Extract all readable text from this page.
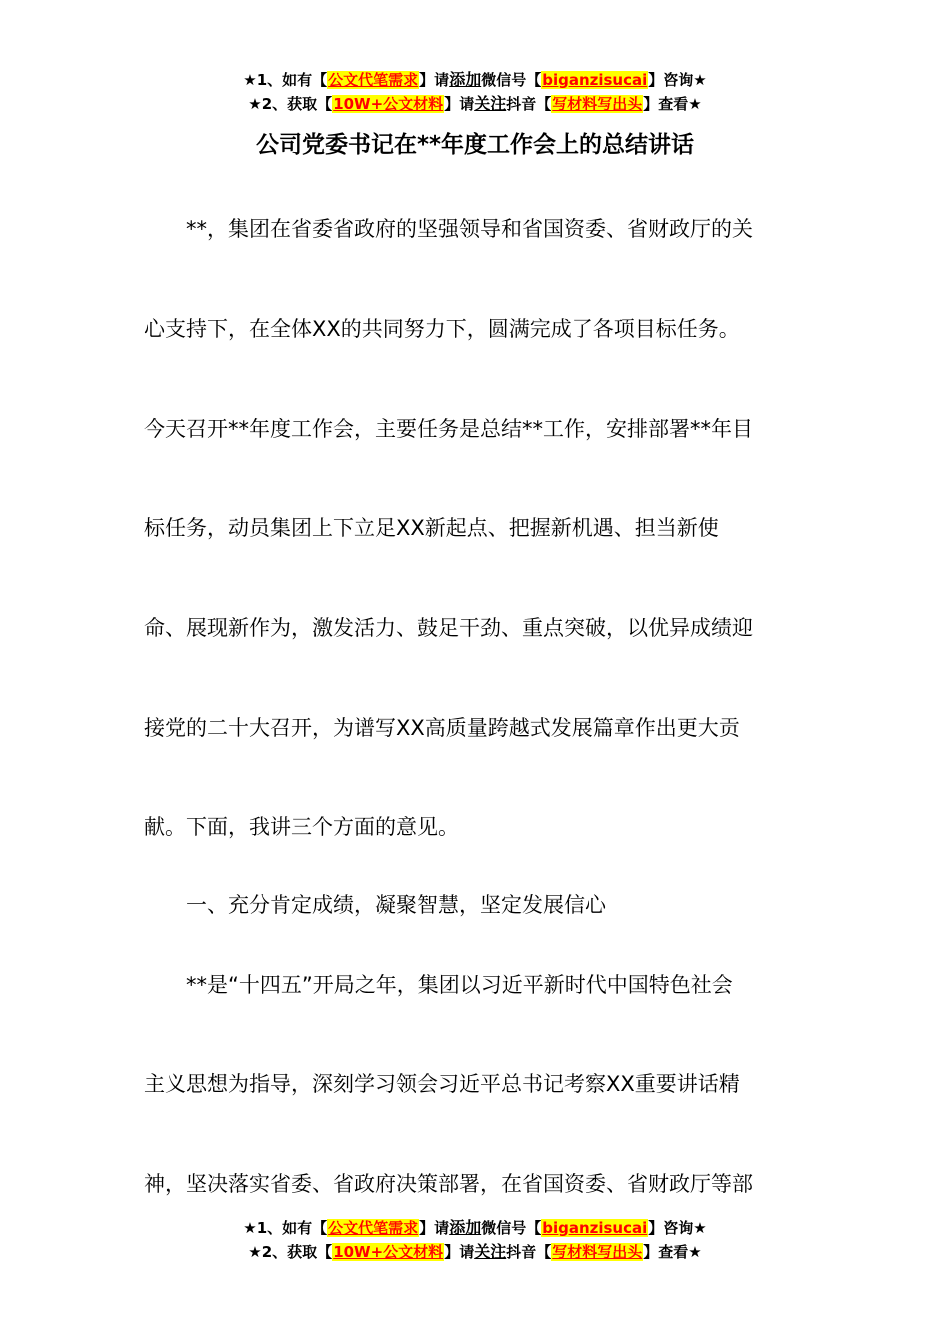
★1、如有【公文代笔需求】请添加微信号【biganzisucai】咨询★
★2、获取【10W+公文材料】请关注抖音【写材料写出头】查看★
公司党委书记在**年度工作会上的总结讲话

　　**，集团在省委省政府的坚强领导和省国资委、省财政厅的关

心支持下，在全体XX的共同努力下，圆满完成了各项目标任务。

今天召开**年度工作会，主要任务是总结**工作，安排部署**年目

标任务，动员集团上下立足XX新起点、把握新机遇、担当新使

命、展现新作为，激发活力、鼓足干劲、重点突破，以优异成绩迎

接党的二十大召开，为谱写XX高质量跨越式发展篇章作出更大贡

献。下面，我讲三个方面的意见。

　　一、充分肯定成绩，凝聚智慧，坚定发展信心

　　**是“十四五”开局之年，集团以习近平新时代中国特色社会

主义思想为指导，深刻学习领会习近平总书记考察XX重要讲话精

神，坚决落实省委、省政府决策部署，在省国资委、省财政厅等部

★1、如有【公文代笔需求】请添加微信号【biganzisucai】咨询★
★2、获取【10W+公文材料】请关注抖音【写材料写出头】查看★
